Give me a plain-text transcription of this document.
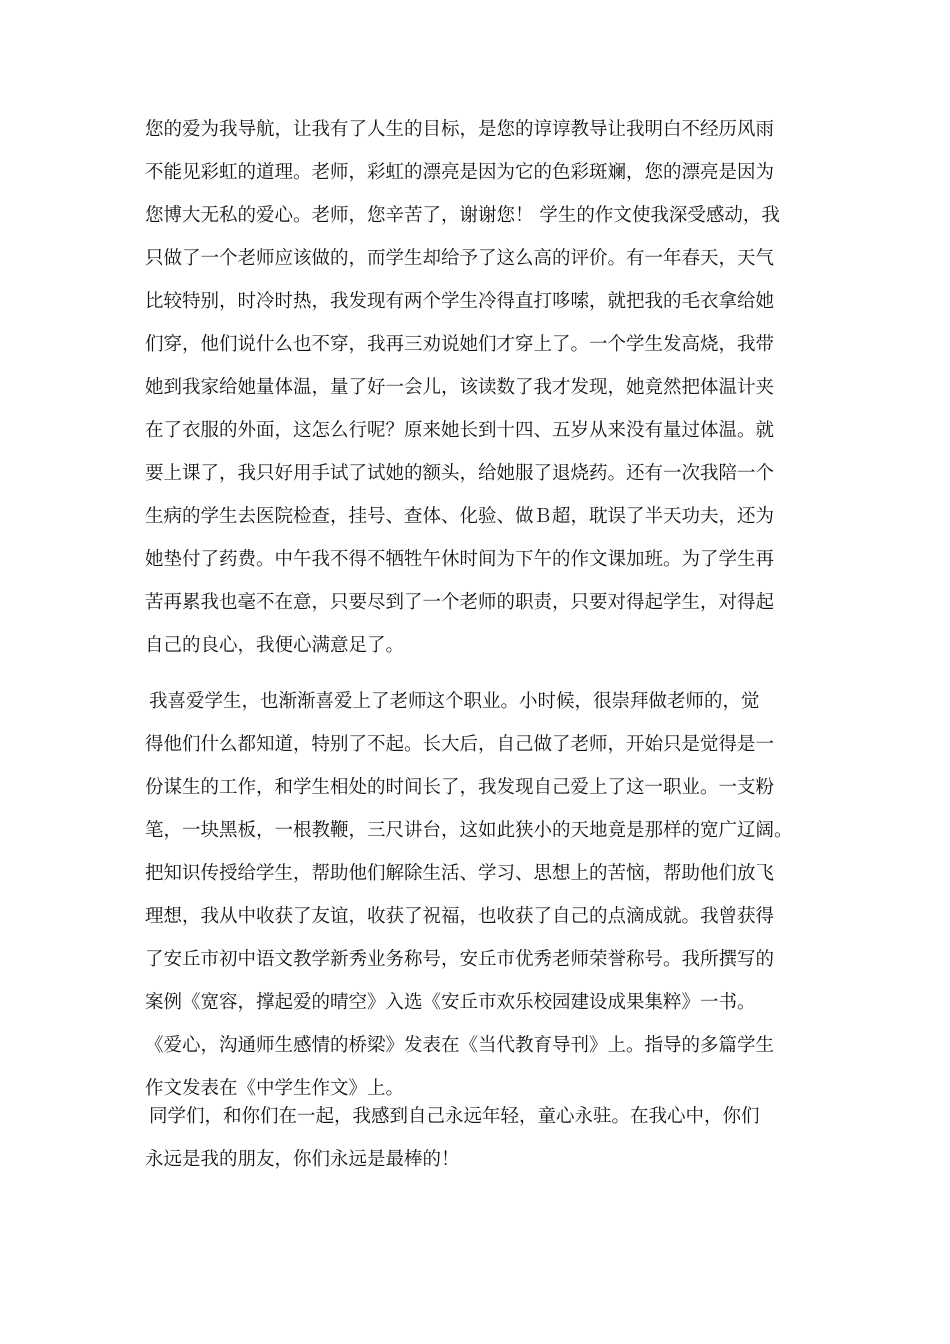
您的爱为我导航，让我有了人生的目标，是您的谆谆教导让我明白不经历风雨
不能见彩虹的道理。老师，彩虹的漂亮是因为它的色彩斑斓，您的漂亮是因为
您博大无私的爱心。老师，您辛苦了，谢谢您！ 学生的作文使我深受感动，我
只做了一个老师应该做的，而学生却给予了这么高的评价。有一年春天，天气
比较特别，时冷时热，我发现有两个学生冷得直打哆嗦，就把我的毛衣拿给她
们穿，他们说什么也不穿，我再三劝说她们才穿上了。一个学生发高烧，我带
她到我家给她量体温，量了好一会儿，该读数了我才发现，她竟然把体温计夹
在了衣服的外面，这怎么行呢？原来她长到十四、五岁从来没有量过体温。就
要上课了，我只好用手试了试她的额头，给她服了退烧药。还有一次我陪一个
生病的学生去医院检查，挂号、查体、化验、做Ｂ超，耽误了半天功夫，还为
她垫付了药费。中午我不得不牺牲午休时间为下午的作文课加班。为了学生再
苦再累我也毫不在意，只要尽到了一个老师的职责，只要对得起学生，对得起
自己的良心，我便心满意足了。
我喜爱学生，也渐渐喜爱上了老师这个职业。小时候，很崇拜做老师的，觉
得他们什么都知道，特别了不起。长大后，自己做了老师，开始只是觉得是一
份谋生的工作，和学生相处的时间长了，我发现自己爱上了这一职业。一支粉
笔，一块黑板，一根教鞭，三尺讲台，这如此狭小的天地竟是那样的宽广辽阔。
把知识传授给学生，帮助他们解除生活、学习、思想上的苦恼，帮助他们放飞
理想，我从中收获了友谊，收获了祝福，也收获了自己的点滴成就。我曾获得
了安丘市初中语文教学新秀业务称号，安丘市优秀老师荣誉称号。我所撰写的
案例《宽容，撑起爱的晴空》入选《安丘市欢乐校园建设成果集粹》一书。
《爱心，沟通师生感情的桥梁》发表在《当代教育导刊》上。指导的多篇学生
作文发表在《中学生作文》上。
同学们，和你们在一起，我感到自己永远年轻，童心永驻。在我心中，你们
永远是我的朋友，你们永远是最棒的！
